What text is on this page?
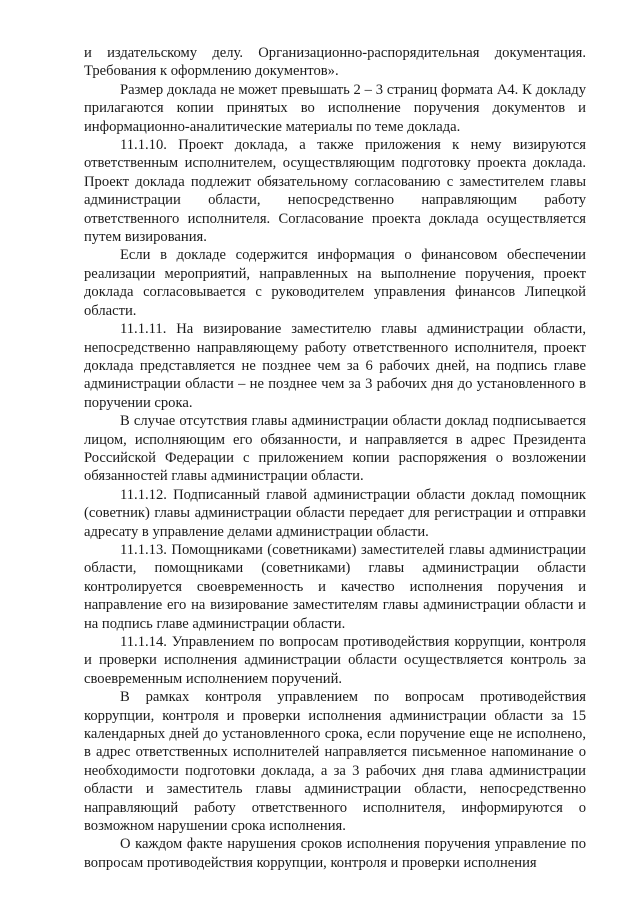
и издательскому делу. Организационно-распорядительная документация. Требования к оформлению документов».

Размер доклада не может превышать 2 – 3 страниц формата А4. К докладу прилагаются копии принятых во исполнение поручения документов и информационно-аналитические материалы по теме доклада.

11.1.10. Проект доклада, а также приложения к нему визируются ответственным исполнителем, осуществляющим подготовку проекта доклада. Проект доклада подлежит обязательному согласованию с заместителем главы администрации области, непосредственно направляющим работу ответственного исполнителя. Согласование проекта доклада осуществляется путем визирования.

Если в докладе содержится информация о финансовом обеспечении реализации мероприятий, направленных на выполнение поручения, проект доклада согласовывается с руководителем управления финансов Липецкой области.

11.1.11. На визирование заместителю главы администрации области, непосредственно направляющему работу ответственного исполнителя, проект доклада представляется не позднее чем за 6 рабочих дней, на подпись главе администрации области – не позднее чем за 3 рабочих дня до установленного в поручении срока.

В случае отсутствия главы администрации области доклад подписывается лицом, исполняющим его обязанности, и направляется в адрес Президента Российской Федерации с приложением копии распоряжения о возложении обязанностей главы администрации области.

11.1.12. Подписанный главой администрации области доклад помощник (советник) главы администрации области передает для регистрации и отправки адресату в управление делами администрации области.

11.1.13. Помощниками (советниками) заместителей главы администрации области, помощниками (советниками) главы администрации области контролируется своевременность и качество исполнения поручения и направление его на визирование заместителям главы администрации области и на подпись главе администрации области.

11.1.14. Управлением по вопросам противодействия коррупции, контроля и проверки исполнения администрации области осуществляется контроль за своевременным исполнением поручений.

В рамках контроля управлением по вопросам противодействия коррупции, контроля и проверки исполнения администрации области за 15 календарных дней до установленного срока, если поручение еще не исполнено, в адрес ответственных исполнителей направляется письменное напоминание о необходимости подготовки доклада, а за 3 рабочих дня глава администрации области и заместитель главы администрации области, непосредственно направляющий работу ответственного исполнителя, информируются о возможном нарушении срока исполнения.

О каждом факте нарушения сроков исполнения поручения управление по вопросам противодействия коррупции, контроля и проверки исполнения
